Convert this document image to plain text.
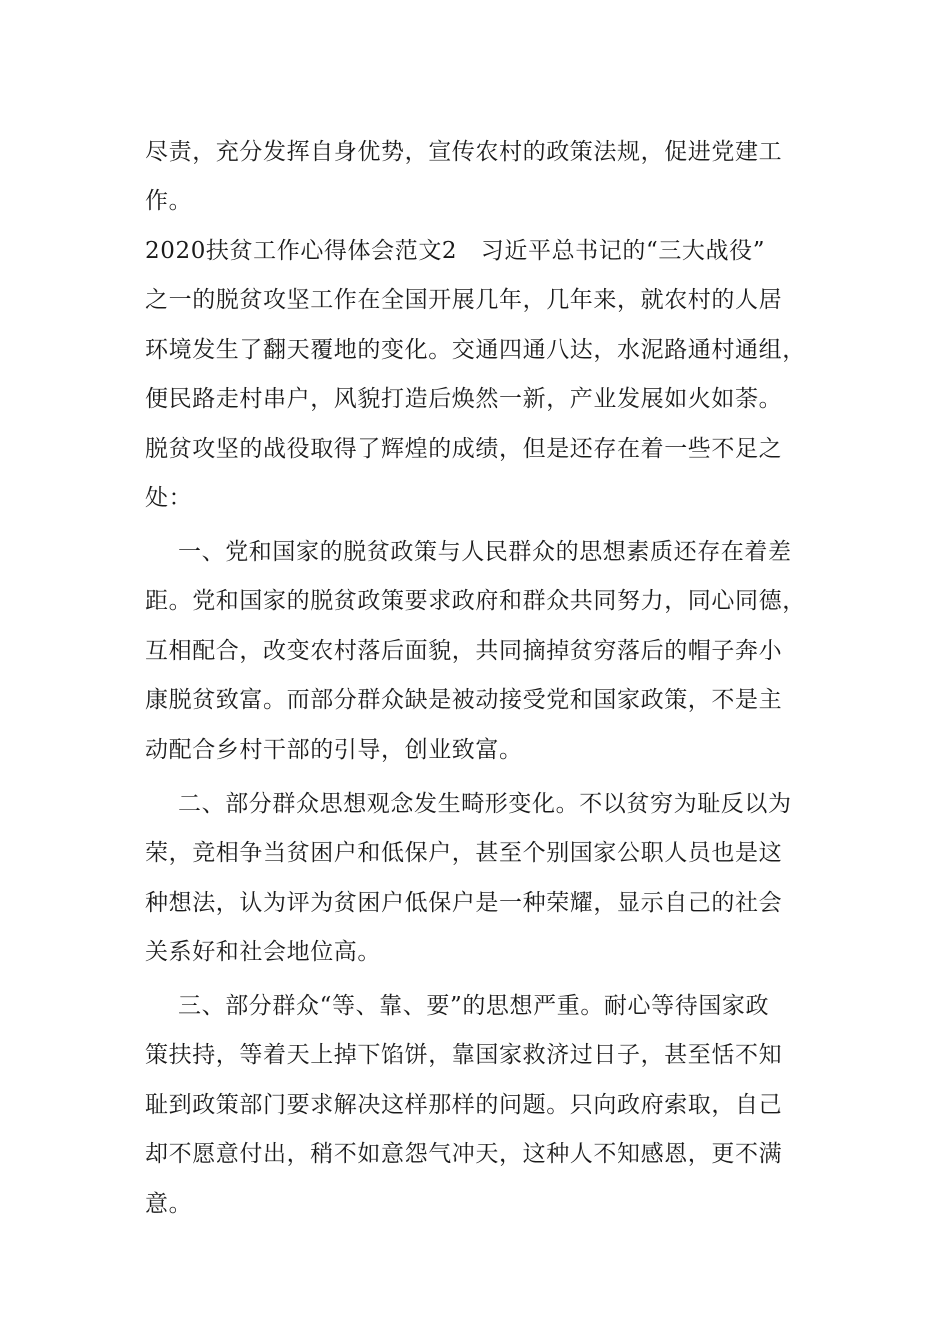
尽责，充分发挥自身优势，宣传农村的政策法规，促进党建工
作。
2020扶贫工作心得体会范文2　习近平总书记的“三大战役”
之一的脱贫攻坚工作在全国开展几年，几年来，就农村的人居
环境发生了翻天覆地的变化。交通四通八达，水泥路通村通组，
便民路走村串户，风貌打造后焕然一新，产业发展如火如荼。
脱贫攻坚的战役取得了辉煌的成绩，但是还存在着一些不足之
处：
一、党和国家的脱贫政策与人民群众的思想素质还存在着差
距。党和国家的脱贫政策要求政府和群众共同努力，同心同德，
互相配合，改变农村落后面貌，共同摘掉贫穷落后的帽子奔小
康脱贫致富。而部分群众缺是被动接受党和国家政策，不是主
动配合乡村干部的引导，创业致富。
二、部分群众思想观念发生畸形变化。不以贫穷为耻反以为
荣，竞相争当贫困户和低保户，甚至个别国家公职人员也是这
种想法，认为评为贫困户低保户是一种荣耀，显示自己的社会
关系好和社会地位高。
三、部分群众“等、靠、要”的思想严重。耐心等待国家政
策扶持，等着天上掉下馅饼，靠国家救济过日子，甚至恬不知
耻到政策部门要求解决这样那样的问题。只向政府索取，自己
却不愿意付出，稍不如意怨气冲天，这种人不知感恩，更不满
意。
